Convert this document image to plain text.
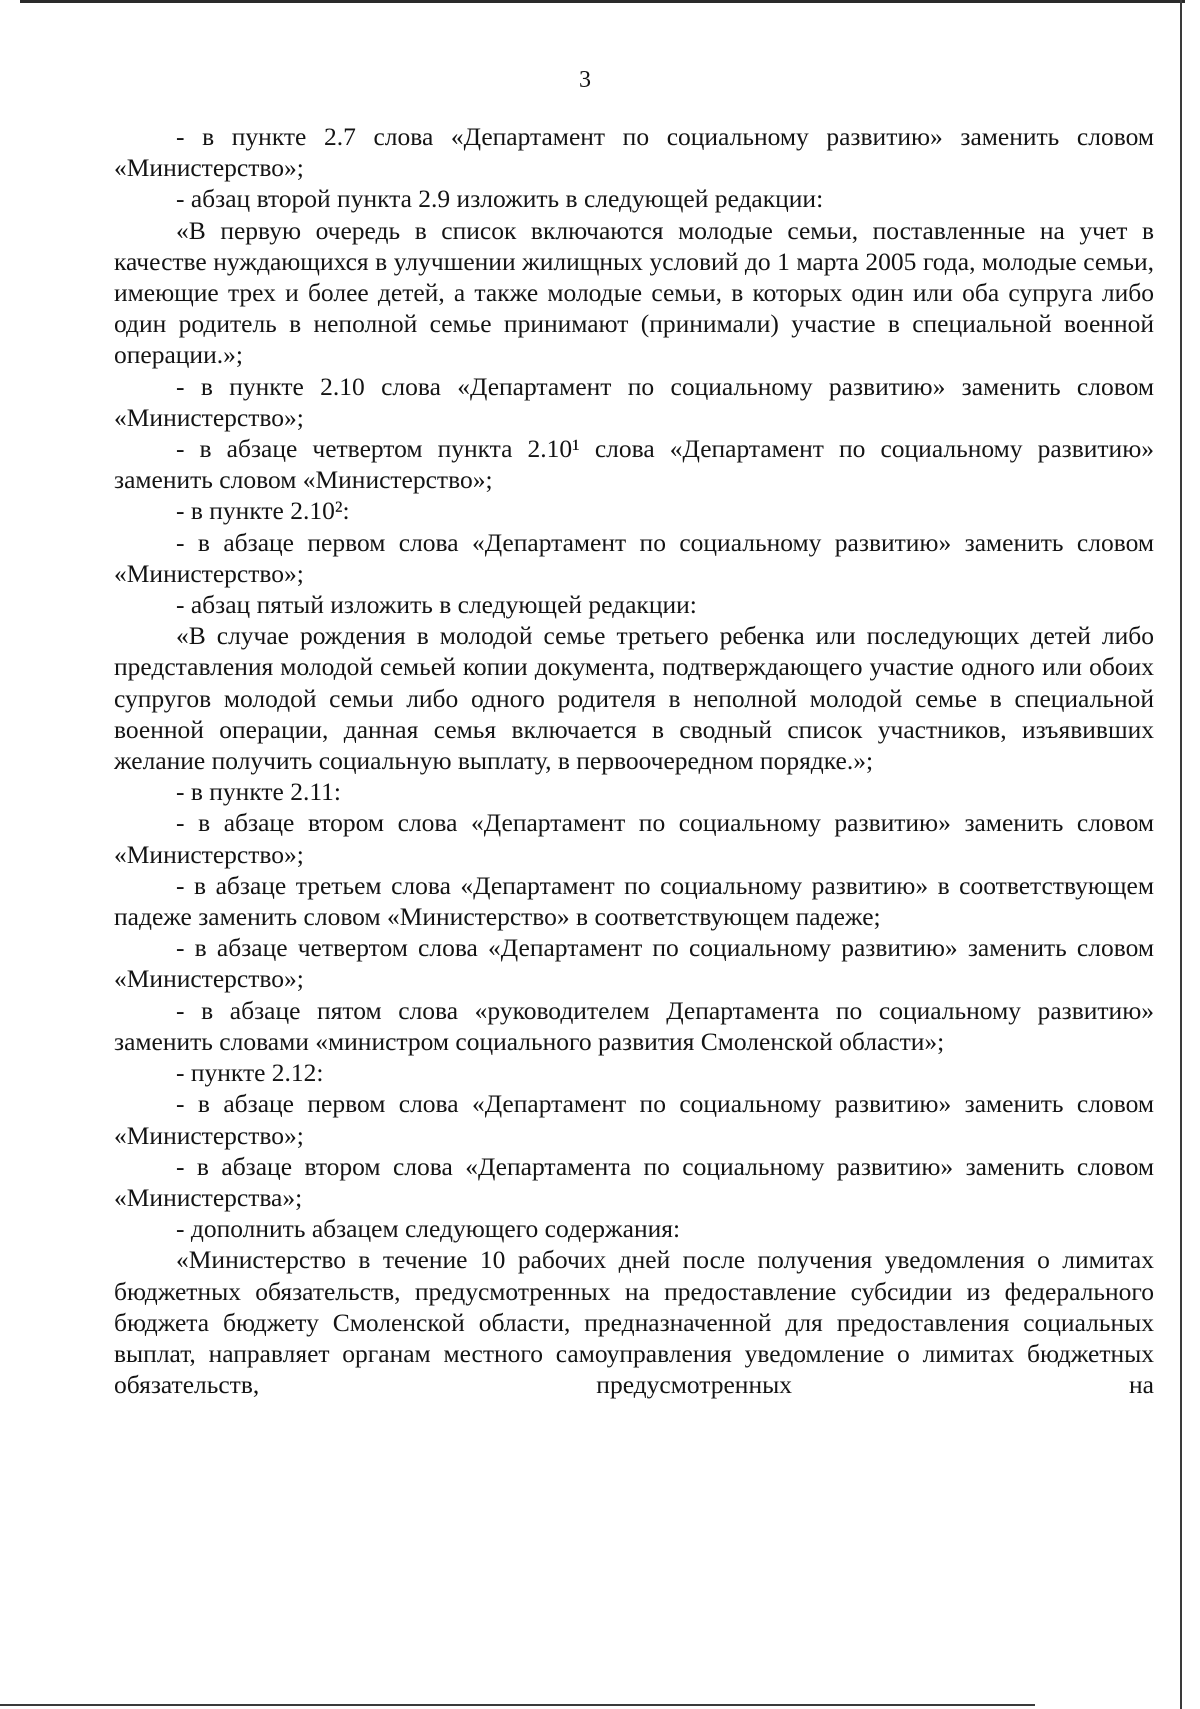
3

- в пункте 2.7 слова «Департамент по социальному развитию» заменить словом «Министерство»;

- абзац второй пункта 2.9 изложить в следующей редакции:

«В первую очередь в список включаются молодые семьи, поставленные на учет в качестве нуждающихся в улучшении жилищных условий до 1 марта 2005 года, молодые семьи, имеющие трех и более детей, а также молодые семьи, в которых один или оба супруга либо один родитель в неполной семье принимают (принимали) участие в специальной военной операции.»;

- в пункте 2.10 слова «Департамент по социальному развитию» заменить словом «Министерство»;

- в абзаце четвертом пункта 2.10¹ слова «Департамент по социальному развитию» заменить словом «Министерство»;

- в пункте 2.10²:

- в абзаце первом слова «Департамент по социальному развитию» заменить словом «Министерство»;

- абзац пятый изложить в следующей редакции:

«В случае рождения в молодой семье третьего ребенка или последующих детей либо представления молодой семьей копии документа, подтверждающего участие одного или обоих супругов молодой семьи либо одного родителя в неполной молодой семье в специальной военной операции, данная семья включается в сводный список участников, изъявивших желание получить социальную выплату, в первоочередном порядке.»;

- в пункте 2.11:

- в абзаце втором слова «Департамент по социальному развитию» заменить словом «Министерство»;

- в абзаце третьем слова «Департамент по социальному развитию» в соответствующем падеже заменить словом «Министерство» в соответствующем падеже;

- в абзаце четвертом слова «Департамент по социальному развитию» заменить словом «Министерство»;

- в абзаце пятом слова «руководителем Департамента по социальному развитию» заменить словами «министром социального развития Смоленской области»;

- пункте 2.12:

- в абзаце первом слова «Департамент по социальному развитию» заменить словом «Министерство»;

- в абзаце втором слова «Департамента по социальному развитию» заменить словом «Министерства»;

- дополнить абзацем следующего содержания:

«Министерство в течение 10 рабочих дней после получения уведомления о лимитах бюджетных обязательств, предусмотренных на предоставление субсидии из федерального бюджета бюджету Смоленской области, предназначенной для предоставления социальных выплат, направляет органам местного самоуправления уведомление о лимитах бюджетных обязательств, предусмотренных на
